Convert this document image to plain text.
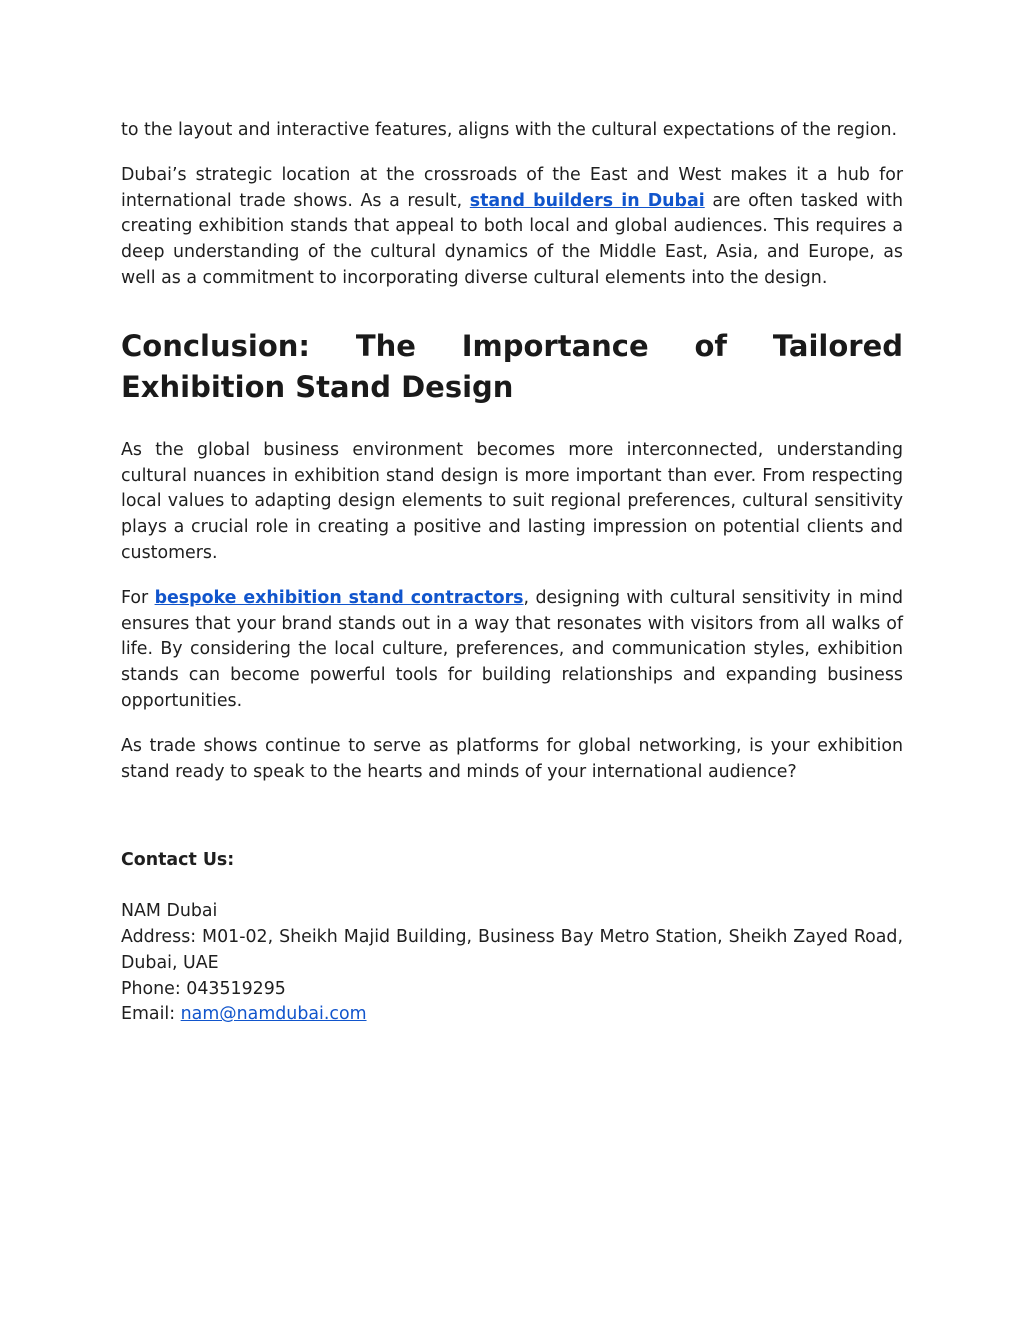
to the layout and interactive features, aligns with the cultural expectations of the region.

Dubai’s strategic location at the crossroads of the East and West makes it a hub for international trade shows. As a result, stand builders in Dubai are often tasked with creating exhibition stands that appeal to both local and global audiences. This requires a deep understanding of the cultural dynamics of the Middle East, Asia, and Europe, as well as a commitment to incorporating diverse cultural elements into the design.

Conclusion: The Importance of Tailored
Exhibition Stand Design

As the global business environment becomes more interconnected, understanding cultural nuances in exhibition stand design is more important than ever. From respecting local values to adapting design elements to suit regional preferences, cultural sensitivity plays a crucial role in creating a positive and lasting impression on potential clients and customers.

For bespoke exhibition stand contractors, designing with cultural sensitivity in mind ensures that your brand stands out in a way that resonates with visitors from all walks of life. By considering the local culture, preferences, and communication styles, exhibition stands can become powerful tools for building relationships and expanding business opportunities.

As trade shows continue to serve as platforms for global networking, is your exhibition stand ready to speak to the hearts and minds of your international audience?

Contact Us:

NAM Dubai

Address: M01-02, Sheikh Majid Building, Business Bay Metro Station, Sheikh Zayed Road, Dubai, UAE

Phone: 043519295

Email: nam@namdubai.com
